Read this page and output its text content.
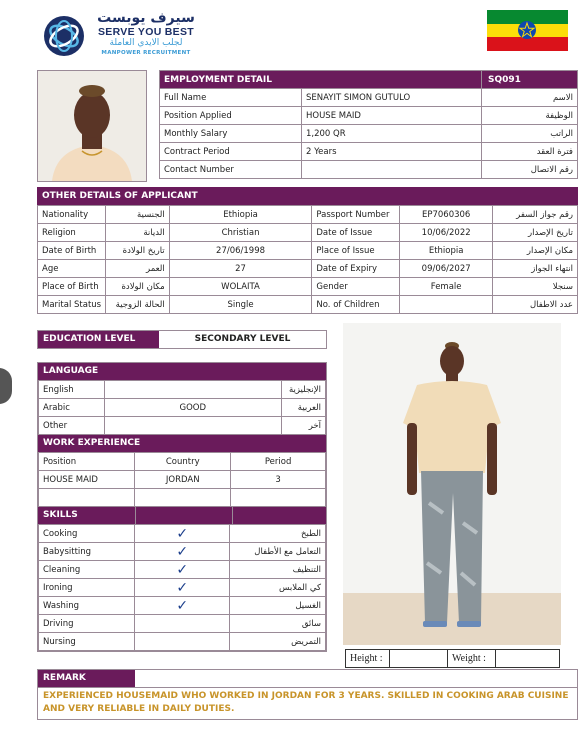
سيرف يوبست
SERVE YOU BEST
لجلب الايدي العاملة
MANPOWER RECRUITMENT
EMPLOYMENT DETAIL		SQ091
Full Name	SENAYIT SIMON GUTULO	الاسم
Position Applied	HOUSE MAID	الوظيفة
Monthly Salary	1,200 QR	الراتب
Contract Period	2 Years	فترة العقد
Contact Number		رقم الاتصال
OTHER DETAILS OF APPLICANT
Nationality	الجنسية	Ethiopia	Passport Number	EP7060306	رقم جواز السفر
Religion	الديانة	Christian	Date of Issue	10/06/2022	تاريخ الإصدار
Date of Birth	تاريخ الولادة	27/06/1998	Place of Issue	Ethiopia	مكان الإصدار
Age	العمر	27	Date of Expiry	09/06/2027	انتهاء الجواز
Place of Birth	مكان الولادة	WOLAITA	Gender	Female	سنجلا
Marital Status	الحالة الزوجية	Single	No. of Children		عدد الاطفال
EDUCATION LEVEL	SECONDARY LEVEL
LANGUAGE
English		الإنجليزية
Arabic	GOOD	العربية
Other		آخر
WORK EXPERIENCE
Position	Country	Period
HOUSE MAID	JORDAN	3

SKILLS
Cooking	✓	الطبخ
Babysitting	✓	التعامل مع الأطفال
Cleaning	✓	التنظيف
Ironing	✓	كي الملابس
Washing	✓	الغسيل
Driving		سائق
Nursing		التمريض
Height :	Weight :
REMARK
EXPERIENCED HOUSEMAID WHO WORKED IN JORDAN FOR 3 YEARS. SKILLED IN COOKING ARAB CUISINE AND VERY RELIABLE IN DAILY DUTIES.
